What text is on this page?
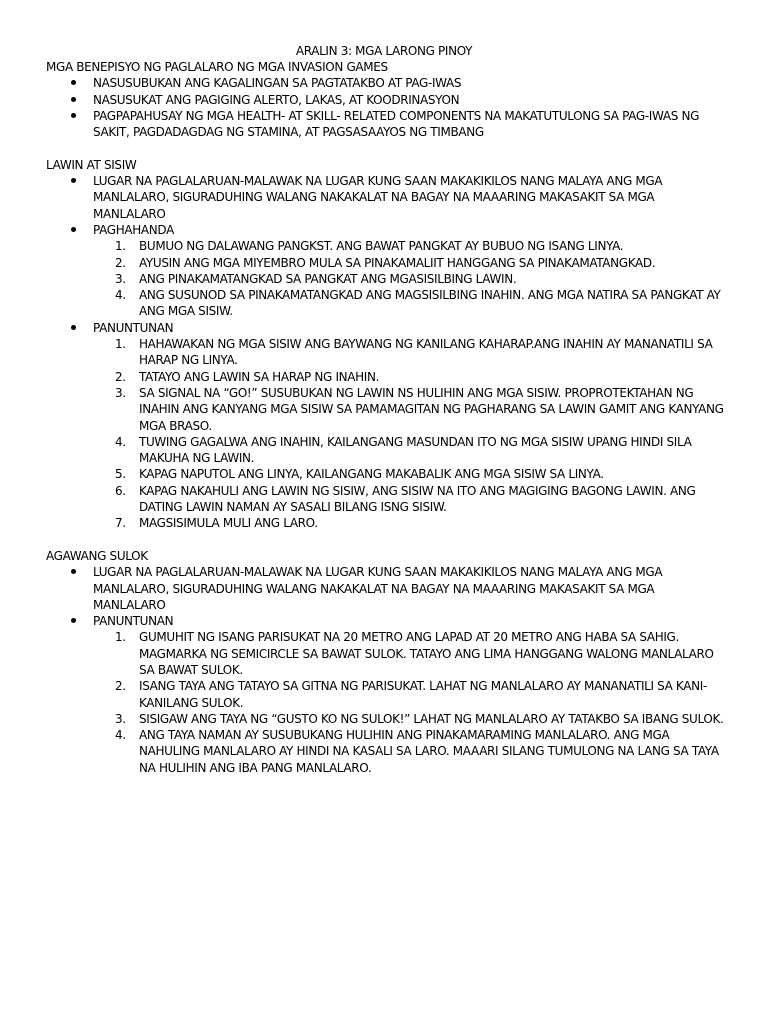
ARALIN 3: MGA LARONG PINOY
MGA BENEPISYO NG PAGLALARO NG MGA INVASION GAMES
NASUSUBUKAN ANG KAGALINGAN SA PAGTATAKBO AT PAG-IWAS
NASUSUKAT ANG PAGIGING ALERTO, LAKAS, AT KOODRINASYON
PAGPAPAHUSAY NG MGA HEALTH- AT SKILL- RELATED COMPONENTS NA MAKATUTULONG SA PAG-IWAS NG SAKIT, PAGDADAGDAG NG STAMINA, AT PAGSASAAYOS NG TIMBANG
LAWIN AT SISIW
LUGAR NA PAGLALARUAN-MALAWAK NA LUGAR KUNG SAAN MAKAKIKILOS NANG MALAYA ANG MGA MANLALARO, SIGURADUHING WALANG NAKAKALAT NA BAGAY NA MAAARING MAKASAKIT SA MGA MANLALARO
PAGHAHANDA
1. BUMUO NG DALAWANG PANGKST. ANG BAWAT PANGKAT AY BUBUO NG ISANG LINYA.
2. AYUSIN ANG MGA MIYEMBRO MULA SA PINAKAMALIIT HANGGANG SA PINAKAMATANGKAD.
3. ANG PINAKAMATANGKAD SA PANGKAT ANG MGASISILBING LAWIN.
4. ANG SUSUNOD SA PINAKAMATANGKAD ANG MAGSISILBING INAHIN. ANG MGA NATIRA SA PANGKAT AY ANG MGA SISIW.
PANUNTUNAN
1. HAHAWAKAN NG MGA SISIW ANG BAYWANG NG KANILANG KAHARAP.ANG INAHIN AY MANANATILI SA HARAP NG LINYA.
2. TATAYO ANG LAWIN SA HARAP NG INAHIN.
3. SA SIGNAL NA “GO!” SUSUBUKAN NG LAWIN NS HULIHIN ANG MGA SISIW. PROPROTEKTAHAN NG INAHIN ANG KANYANG MGA SISIW SA PAMAMAGITAN NG PAGHARANG SA LAWIN GAMIT ANG KANYANG MGA BRASO.
4. TUWING GAGALWA ANG INAHIN, KAILANGANG MASUNDAN ITO NG MGA SISIW UPANG HINDI SILA MAKUHA NG LAWIN.
5. KAPAG NAPUTOL ANG LINYA, KAILANGANG MAKABALIK ANG MGA SISIW SA LINYA.
6. KAPAG NAKAHULI ANG LAWIN NG SISIW, ANG SISIW NA ITO ANG MAGIGING BAGONG LAWIN. ANG DATING LAWIN NAMAN AY SASALI BILANG ISNG SISIW.
7. MAGSISIMULA MULI ANG LARO.
AGAWANG SULOK
LUGAR NA PAGLALARUAN-MALAWAK NA LUGAR KUNG SAAN MAKAKIKILOS NANG MALAYA ANG MGA MANLALARO, SIGURADUHING WALANG NAKAKALAT NA BAGAY NA MAAARING MAKASAKIT SA MGA MANLALARO
PANUNTUNAN
1. GUMUHIT NG ISANG PARISUKAT NA 20 METRO ANG LAPAD AT 20 METRO ANG HABA SA SAHIG. MAGMARKA NG SEMICIRCLE SA BAWAT SULOK. TATAYO ANG LIMA HANGGANG WALONG MANLALARO SA BAWAT SULOK.
2. ISANG TAYA ANG TATAYO SA GITNA NG PARISUKAT. LAHAT NG MANLALARO AY MANANATILI SA KANI-KANILANG SULOK.
3. SISIGAW ANG TAYA NG “GUSTO KO NG SULOK!” LAHAT NG MANLALARO AY TATAKBO SA IBANG SULOK.
4. ANG TAYA NAMAN AY SUSUBUKANG HULIHIN ANG PINAKAMARAMING MANLALARO. ANG MGA NAHULING MANLALARO AY HINDI NA KASALI SA LARO. MAAARI SILANG TUMULONG NA LANG SA TAYA NA HULIHIN ANG IBA PANG MANLALARO.
